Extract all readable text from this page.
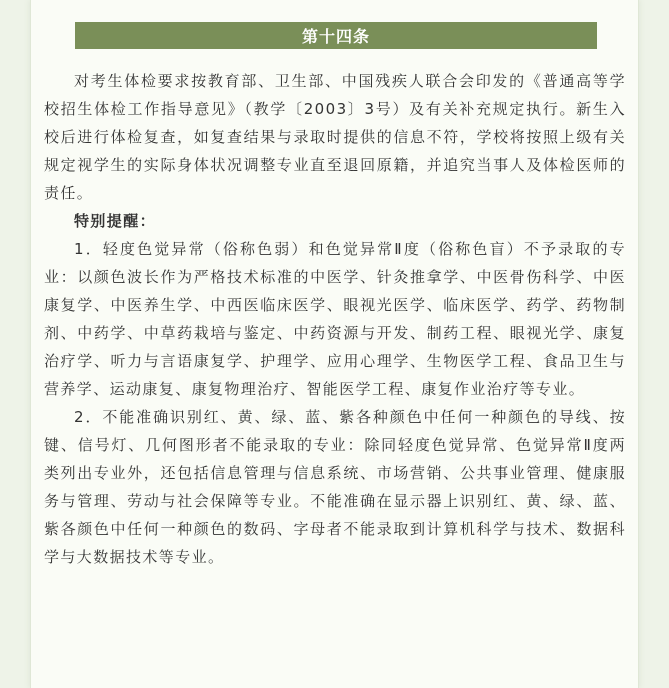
第十四条

对考生体检要求按教育部、卫生部、中国残疾人联合会印发的《普通高等学校招生体检工作指导意见》（教学〔2003〕3号）及有关补充规定执行。新生入校后进行体检复查，如复查结果与录取时提供的信息不符，学校将按照上级有关规定视学生的实际身体状况调整专业直至退回原籍，并追究当事人及体检医师的责任。

特别提醒：

1．轻度色觉异常（俗称色弱）和色觉异常Ⅱ度（俗称色盲）不予录取的专业：以颜色波长作为严格技术标准的中医学、针灸推拿学、中医骨伤科学、中医康复学、中医养生学、中西医临床医学、眼视光医学、临床医学、药学、药物制剂、中药学、中草药栽培与鉴定、中药资源与开发、制药工程、眼视光学、康复治疗学、听力与言语康复学、护理学、应用心理学、生物医学工程、食品卫生与营养学、运动康复、康复物理治疗、智能医学工程、康复作业治疗等专业。

2．不能准确识别红、黄、绿、蓝、紫各种颜色中任何一种颜色的导线、按键、信号灯、几何图形者不能录取的专业：除同轻度色觉异常、色觉异常Ⅱ度两类列出专业外，还包括信息管理与信息系统、市场营销、公共事业管理、健康服务与管理、劳动与社会保障等专业。不能准确在显示器上识别红、黄、绿、蓝、紫各颜色中任何一种颜色的数码、字母者不能录取到计算机科学与技术、数据科学与大数据技术等专业。
